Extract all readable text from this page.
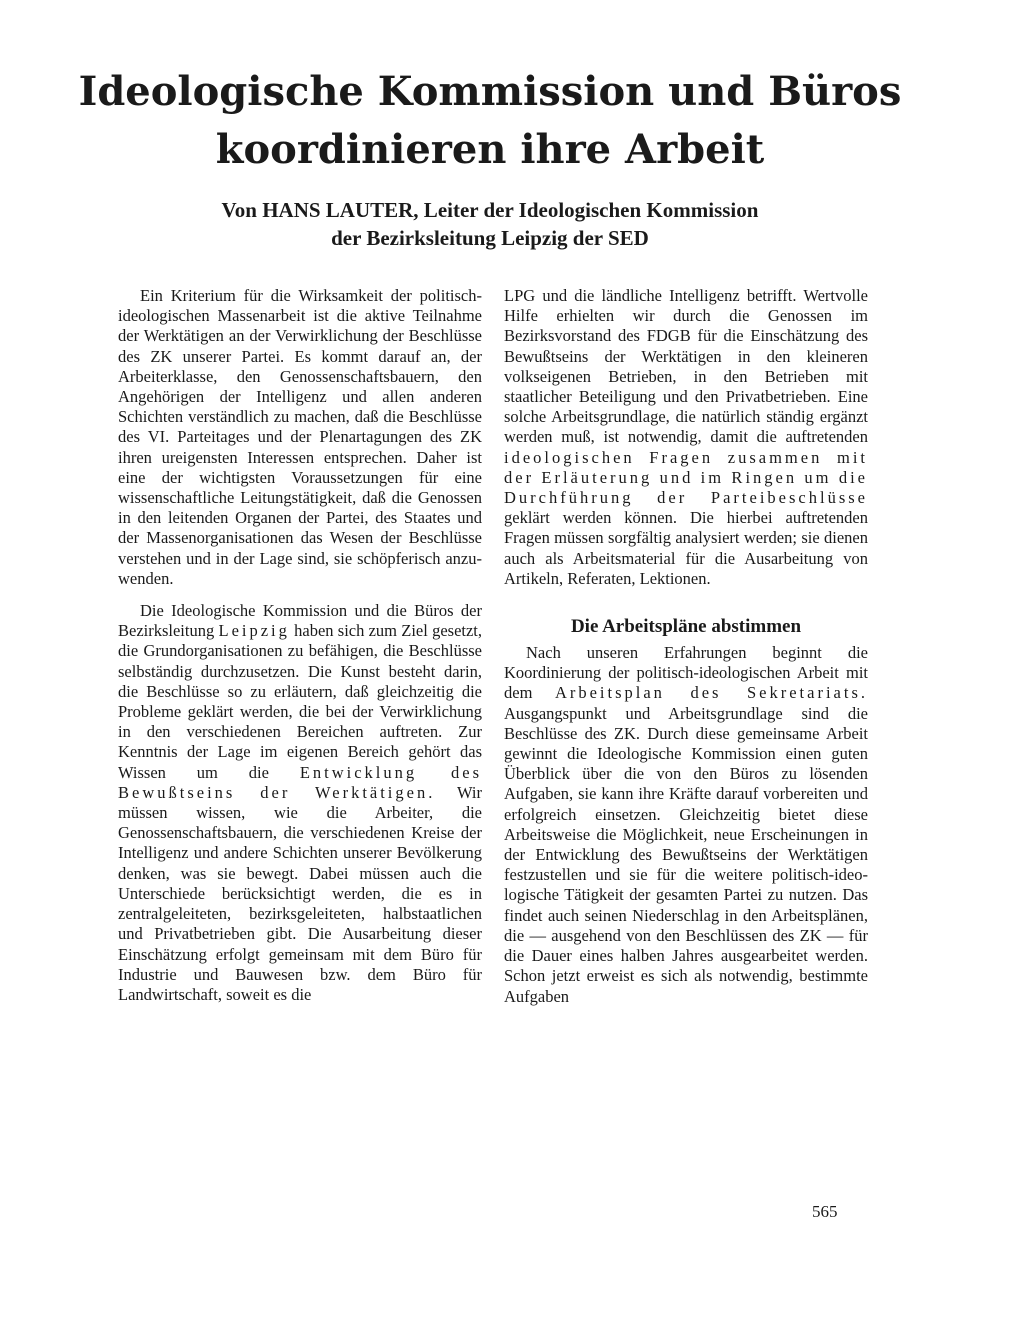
Ideologische Kommission und Büros
koordinieren ihre Arbeit
Von HANS LAUTER, Leiter der Ideologischen Kommission
der Bezirksleitung Leipzig der SED

Ein Kriterium für die Wirksamkeit der politisch-ideologischen Massenarbeit ist die aktive Teilnahme der Werktätigen an der Verwirklichung der Beschlüsse des ZK unserer Partei. Es kommt darauf an, der Arbeiterklasse, den Genossenschaftsbauern, den Angehörigen der Intelligenz und allen anderen Schichten verständlich zu machen, daß die Beschlüsse des VI. Parteitages und der Plenartagungen des ZK ihren ureigensten Interessen entsprechen. Daher ist eine der wichtigsten Voraussetzungen für eine wissenschaftliche Leitungstätigkeit, daß die Genossen in den leitenden Organen der Partei, des Staates und der Massenorganisationen das Wesen der Beschlüsse verstehen und in der Lage sind, sie schöpferisch anzuwenden.

Die Ideologische Kommission und die Büros der Bezirksleitung Leipzig haben sich zum Ziel gesetzt, die Grundorganisationen zu befähigen, die Beschlüsse selbständig durchzusetzen. Die Kunst besteht darin, die Beschlüsse so zu erläutern, daß gleichzeitig die Probleme geklärt werden, die bei der Verwirklichung in den verschiedenen Bereichen auftreten. Zur Kenntnis der Lage im eigenen Bereich gehört das Wissen um die Entwicklung des Bewußtseins der Werktätigen. Wir müssen wissen, wie die Arbeiter, die Genossenschaftsbauern, die verschiedenen Kreise der Intelligenz und andere Schichten unserer Bevölkerung denken, was sie bewegt. Dabei müssen auch die Unterschiede berücksichtigt werden, die es in zentralgeleiteten, bezirksgeleiteten, halbstaatlichen und Privatbetrieben gibt. Die Ausarbeitung dieser Einschätzung erfolgt gemeinsam mit dem Büro für Industrie und Bauwesen bzw. dem Büro für Landwirtschaft, soweit es die

LPG und die ländliche Intelligenz betrifft. Wertvolle Hilfe erhielten wir durch die Genossen im Bezirksvorstand des FDGB für die Einschätzung des Bewußtseins der Werktätigen in den kleineren volkseigenen Betrieben, in den Betrieben mit staatlicher Beteiligung und den Privatbetrieben. Eine solche Arbeitsgrundlage, die natürlich ständig ergänzt werden muß, ist notwendig, damit die auftretenden ideologischen Fragen zusammen mit der Erläuterung und im Ringen um die Durchführung der Parteibeschlüsse geklärt werden können. Die hierbei auftretenden Fragen müssen sorgfältig analysiert werden; sie dienen auch als Arbeitsmaterial für die Ausarbeitung von Artikeln, Referaten, Lektionen.

Die Arbeitspläne abstimmen

Nach unseren Erfahrungen beginnt die Koordinierung der politisch-ideologischen Arbeit mit dem Arbeitsplan des Sekretariats. Ausgangspunkt und Arbeitsgrundlage sind die Beschlüsse des ZK. Durch diese gemeinsame Arbeit gewinnt die Ideologische Kommission einen guten Überblick über die von den Büros zu lösenden Aufgaben, sie kann ihre Kräfte darauf vorbereiten und erfolgreich einsetzen. Gleichzeitig bietet diese Arbeitsweise die Möglichkeit, neue Erscheinungen in der Entwicklung des Bewußtseins der Werktätigen festzustellen und sie für die weitere politisch-ideologische Tätigkeit der gesamten Partei zu nutzen. Das findet auch seinen Niederschlag in den Arbeitsplänen, die — ausgehend von den Beschlüssen des ZK — für die Dauer eines halben Jahres ausgearbeitet werden. Schon jetzt erweist es sich als notwendig, bestimmte Aufgaben

565
